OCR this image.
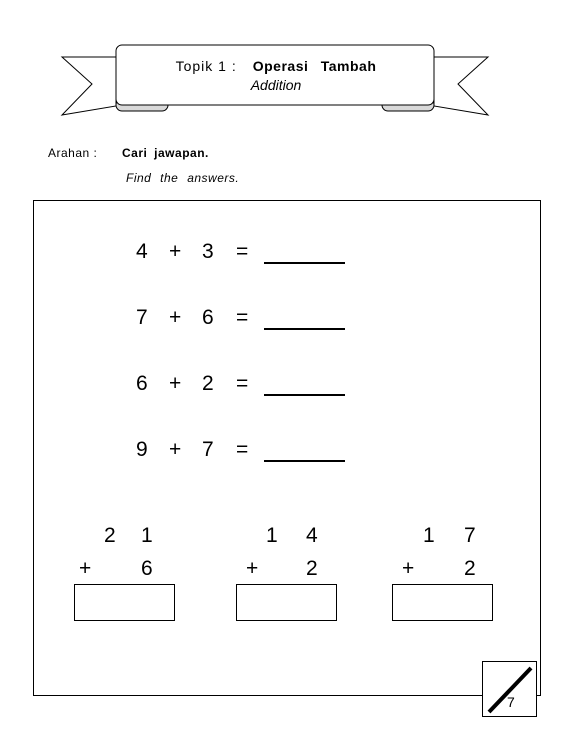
Topik 1 : Operasi Tambah
Addition
Arahan : Cari jawapan.
Find the answers.
4 + 3 =
7 + 6 =
6 + 2 =
9 + 7 =
2 1
+ 6
1 4
+ 2
1 7
+ 2
7
